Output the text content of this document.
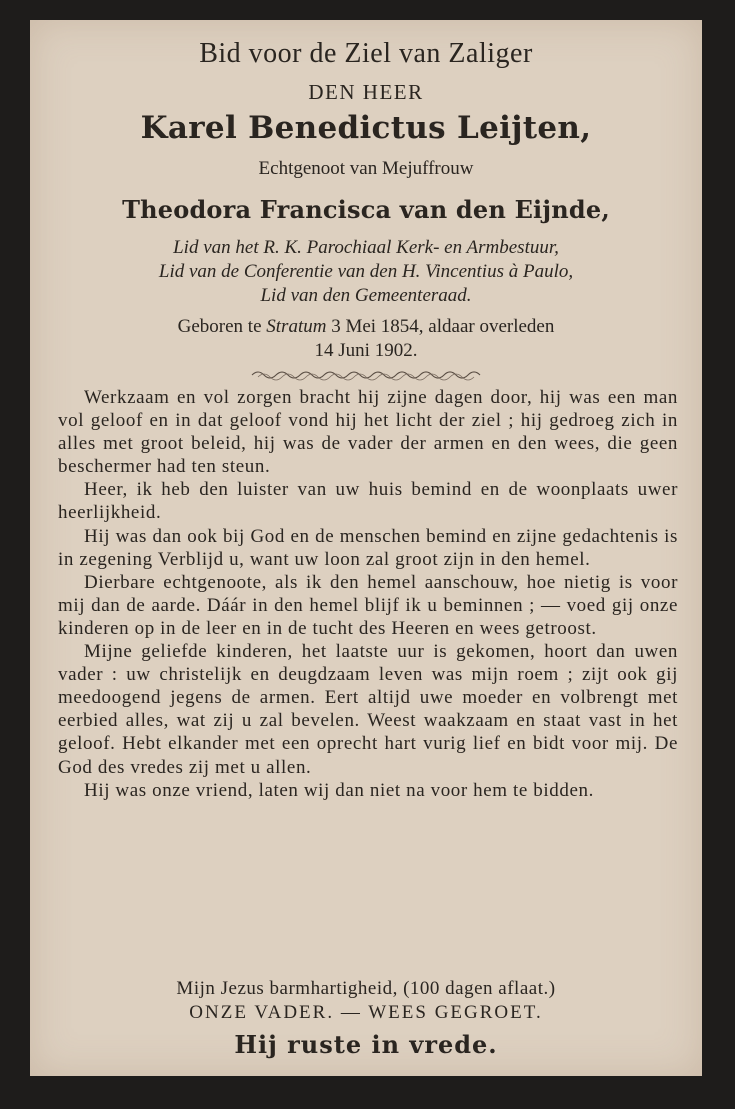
Bid voor de Ziel van Zaliger
DEN HEER
Karel Benedictus Leijten,
Echtgenoot van Mejuffrouw
Theodora Francisca van den Eijnde,
Lid van het R. K. Parochiaal Kerk- en Armbestuur,
Lid van de Conferentie van den H. Vincentius à Paulo,
Lid van den Gemeenteraad.
Geboren te Stratum 3 Mei 1854, aldaar overleden
14 Juni 1902.

Werkzaam en vol zorgen bracht hij zijne dagen door, hij was een man vol geloof en in dat geloof vond hij het licht der ziel ; hij gedroeg zich in alles met groot beleid, hij was de vader der armen en den wees, die geen beschermer had ten steun.

Heer, ik heb den luister van uw huis bemind en de woonplaats uwer heerlijkheid.

Hij was dan ook bij God en de menschen bemind en zijne gedachtenis is in zegening Verblijd u, want uw loon zal groot zijn in den hemel.

Dierbare echtgenoote, als ik den hemel aanschouw, hoe nietig is voor mij dan de aarde. Dáár in den hemel blijf ik u beminnen ; — voed gij onze kinderen op in de leer en in de tucht des Heeren en wees getroost.

Mijne geliefde kinderen, het laatste uur is gekomen, hoort dan uwen vader : uw christelijk en deugdzaam leven was mijn roem ; zijt ook gij meedoogend jegens de armen. Eert altijd uwe moeder en volbrengt met eerbied alles, wat zij u zal bevelen. Weest waakzaam en staat vast in het geloof. Hebt elkander met een oprecht hart vurig lief en bidt voor mij. De God des vredes zij met u allen.

Hij was onze vriend, laten wij dan niet na voor hem te bidden.

Mijn Jezus barmhartigheid, (100 dagen aflaat.)
ONZE VADER. — WEES GEGROET.
Hij ruste in vrede.
